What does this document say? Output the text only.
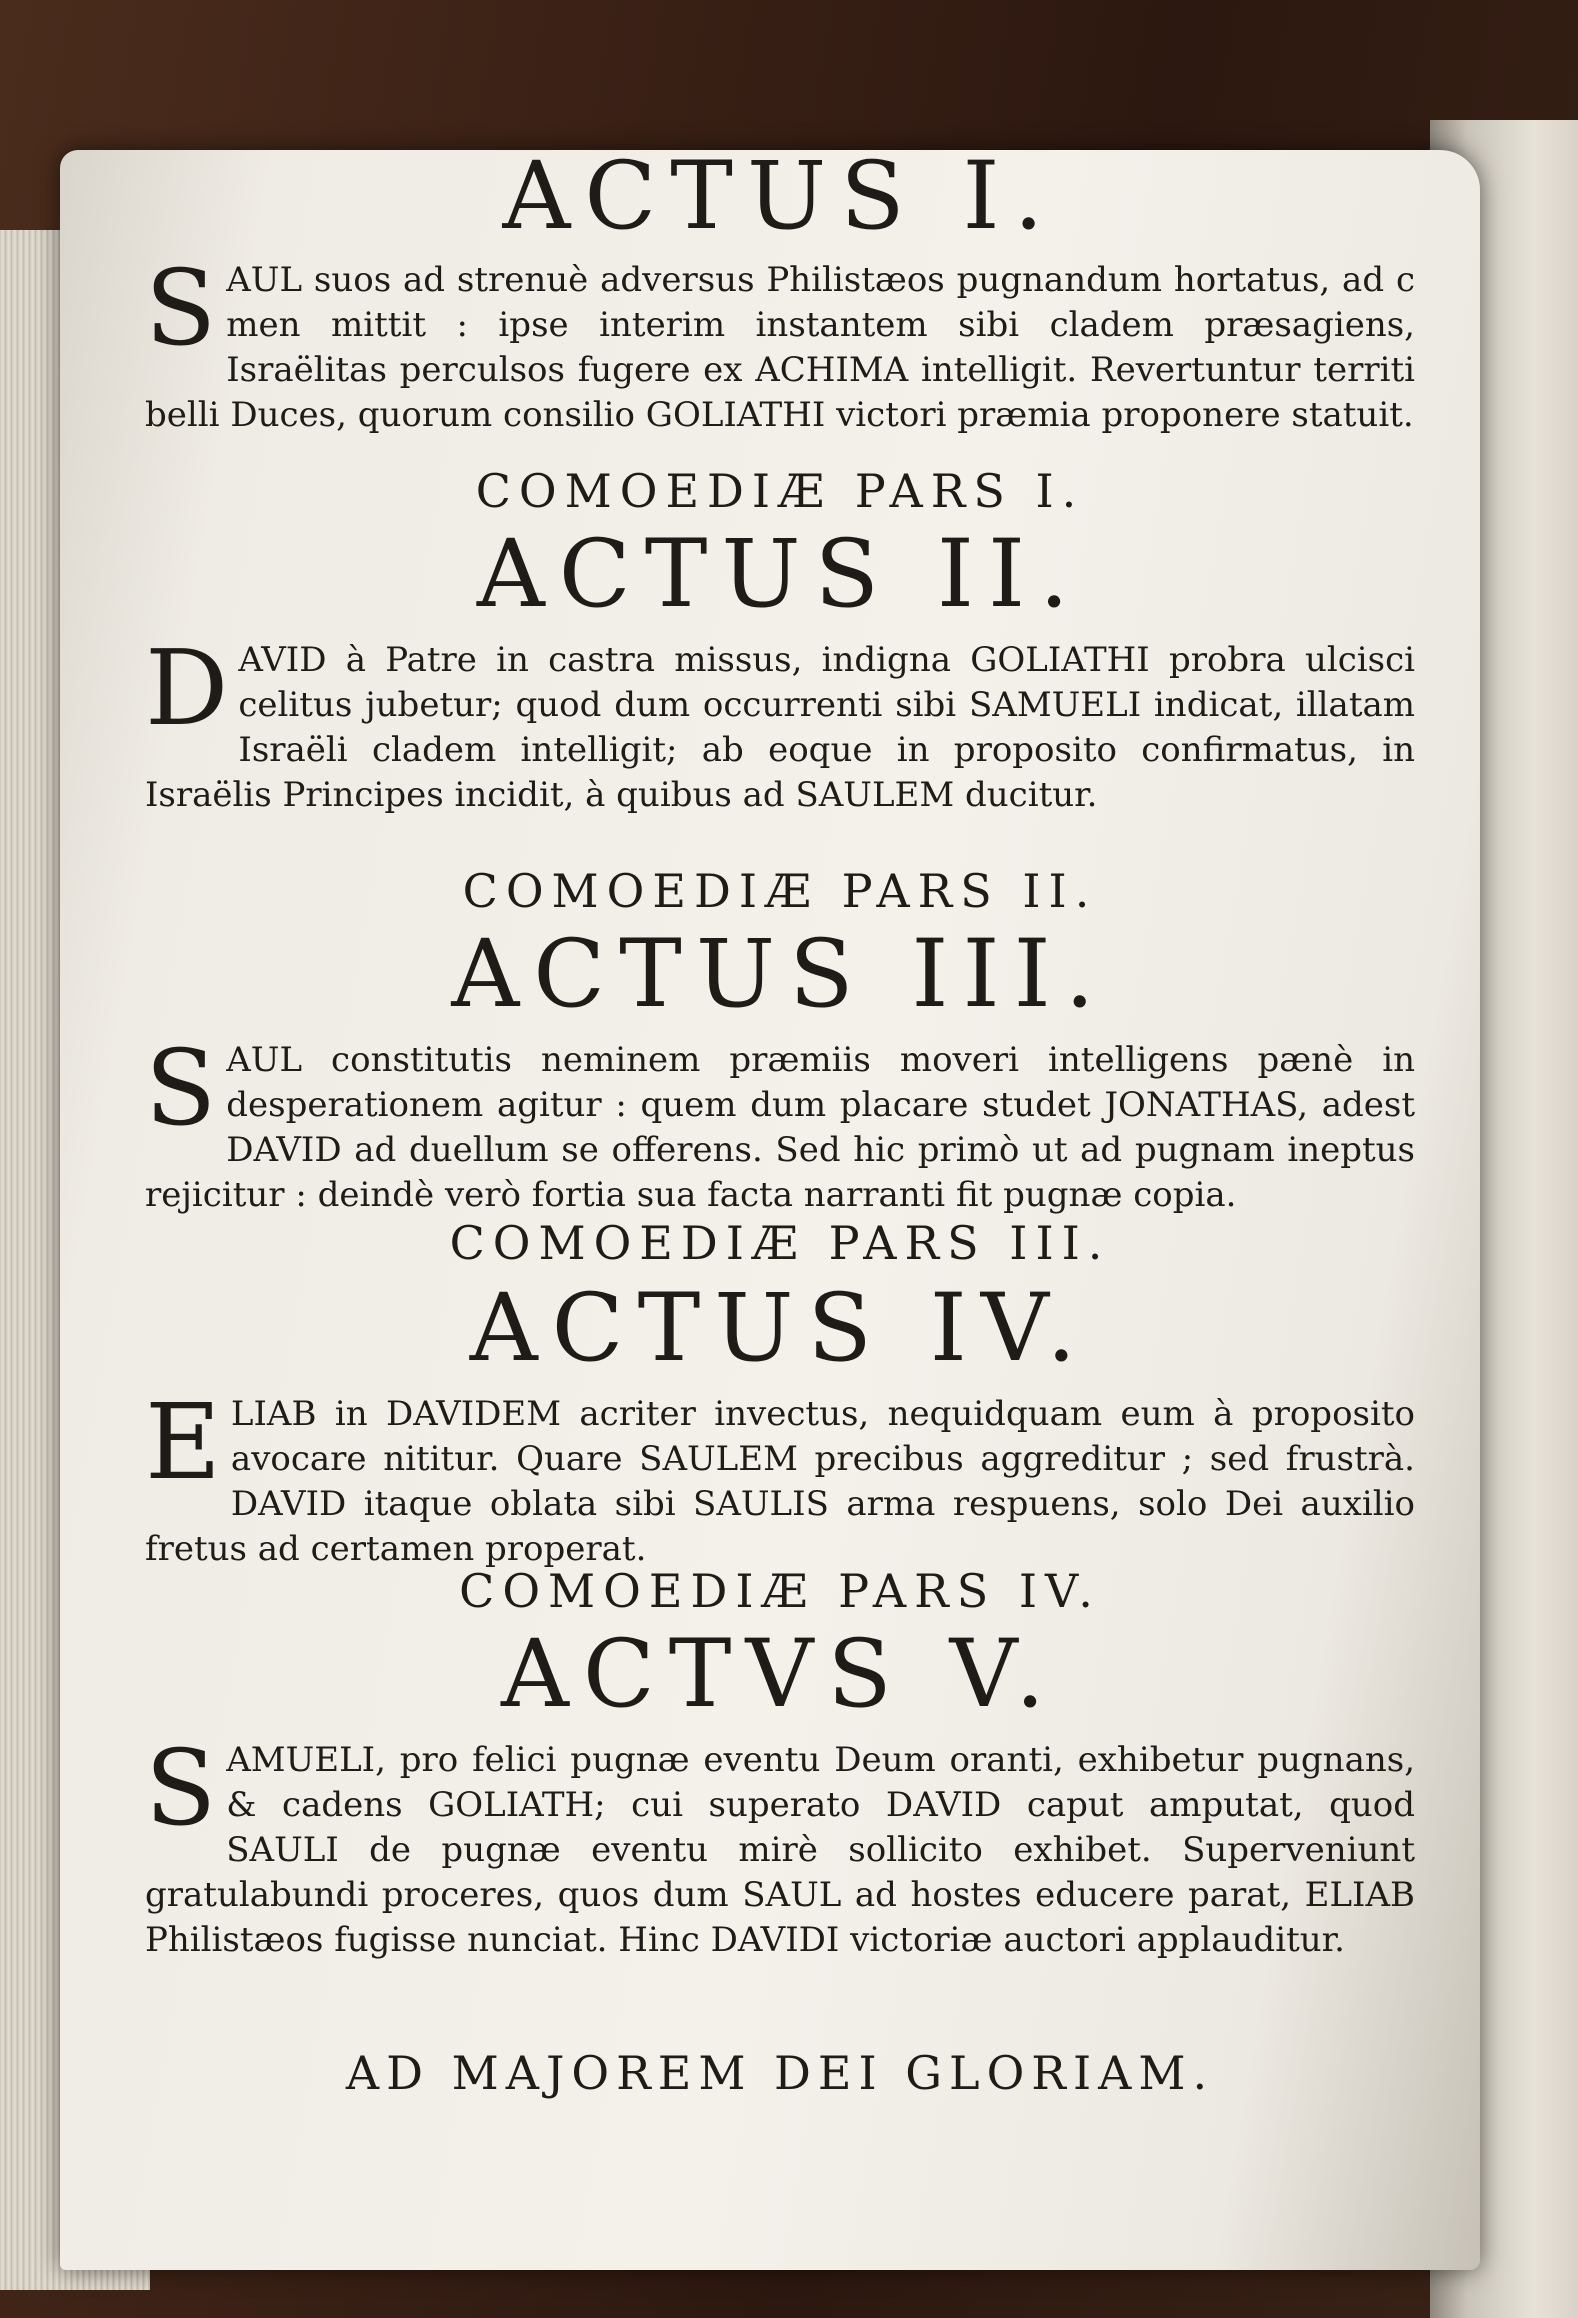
ACTUS I.

SAUL suos ad strenuè adversus Philistæos pugnandum hortatus, ad c men mittit : ipse interim instantem sibi cladem præsagiens, Israëlitas perculsos fugere ex ACHIMA intelligit. Revertuntur territi belli Duces, quorum consilio GOLIATHI victori præmia proponere statuit.

COMOEDIÆ PARS I.

ACTUS II.

DAVID à Patre in castra missus, indigna GOLIATHI probra ulcisci celitus jubetur; quod dum occurrenti sibi SAMUELI indicat, illatam Israëli cladem intelligit; ab eoque in proposito confirmatus, in Israëlis Principes incidit, à quibus ad SAULEM ducitur.

COMOEDIÆ PARS II.

ACTUS III.

SAUL constitutis neminem præmiis moveri intelligens pænè in desperationem agitur : quem dum placare studet JONATHAS, adest DAVID ad duellum se offerens. Sed hic primò ut ad pugnam ineptus rejicitur : deindè verò fortia sua facta narranti fit pugnæ copia.

COMOEDIÆ PARS III.

ACTUS IV.

ELIAB in DAVIDEM acriter invectus, nequidquam eum à proposito avocare nititur. Quare SAULEM precibus aggreditur ; sed frustrà. DAVID itaque oblata sibi SAULIS arma respuens, solo Dei auxilio fretus ad certamen properat.

COMOEDIÆ PARS IV.

ACTVS V.

SAMUELI, pro felici pugnæ eventu Deum oranti, exhibetur pugnans, & cadens GOLIATH; cui superato DAVID caput amputat, quod SAULI de pugnæ eventu mirè sollicito exhibet. Superveniunt gratulabundi proceres, quos dum SAUL ad hostes educere parat, ELIAB Philistæos fugisse nunciat. Hinc DAVIDI victoriæ auctori applauditur.

AD MAJOREM DEI GLORIAM.
